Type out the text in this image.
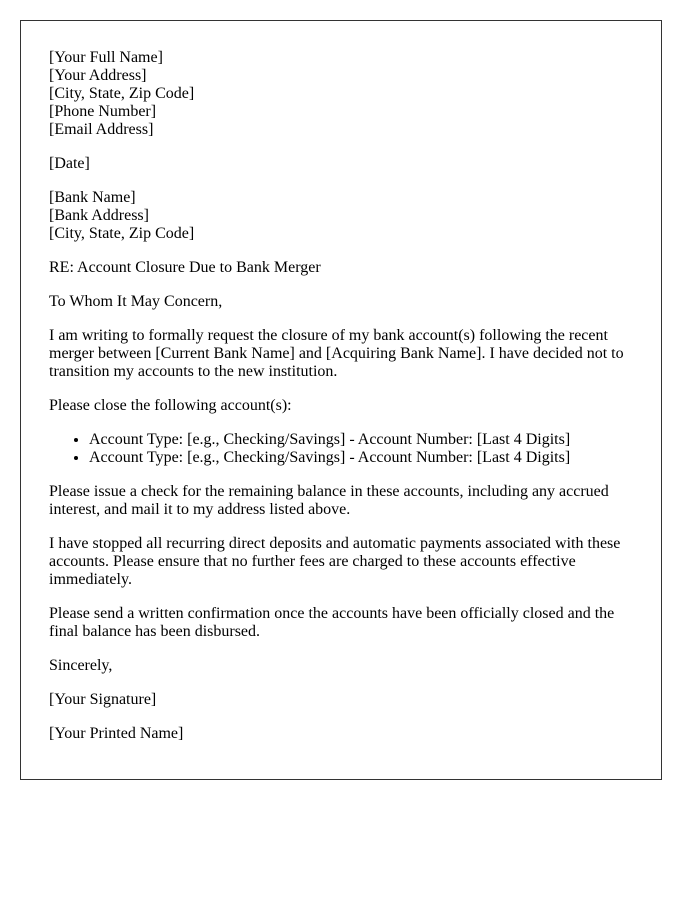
[Your Full Name]
[Your Address]
[City, State, Zip Code]
[Phone Number]
[Email Address]

[Date]

[Bank Name]
[Bank Address]
[City, State, Zip Code]

RE: Account Closure Due to Bank Merger

To Whom It May Concern,

I am writing to formally request the closure of my bank account(s) following the recent merger between [Current Bank Name] and [Acquiring Bank Name]. I have decided not to transition my accounts to the new institution.

Please close the following account(s):

• Account Type: [e.g., Checking/Savings] - Account Number: [Last 4 Digits]
• Account Type: [e.g., Checking/Savings] - Account Number: [Last 4 Digits]

Please issue a check for the remaining balance in these accounts, including any accrued interest, and mail it to my address listed above.

I have stopped all recurring direct deposits and automatic payments associated with these accounts. Please ensure that no further fees are charged to these accounts effective immediately.

Please send a written confirmation once the accounts have been officially closed and the final balance has been disbursed.

Sincerely,

[Your Signature]

[Your Printed Name]
